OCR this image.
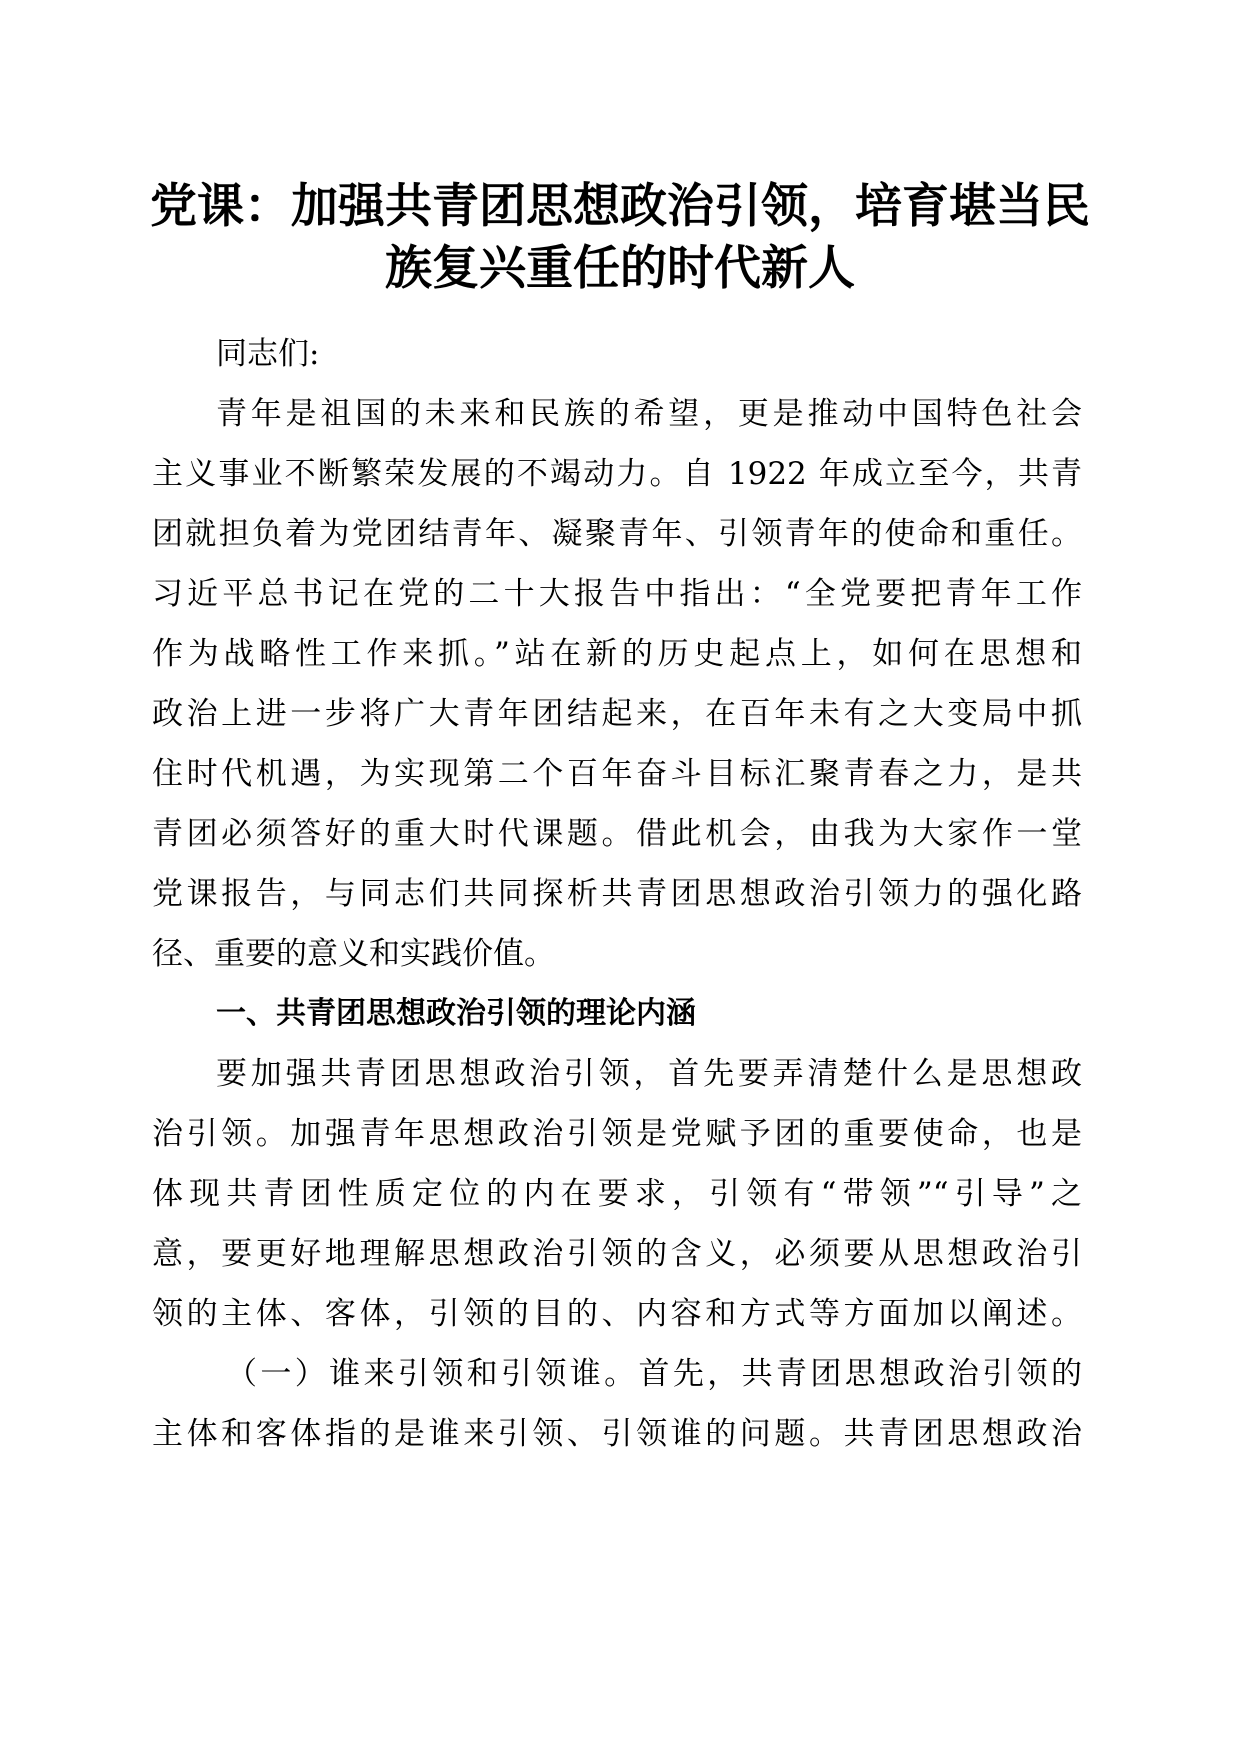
党课：加强共青团思想政治引领，培育堪当民
族复兴重任的时代新人
同志们:
青年是祖国的未来和民族的希望，更是推动中国特色社会
主义事业不断繁荣发展的不竭动力。自 1922 年成立至今，共青
团就担负着为党团结青年、凝聚青年、引领青年的使命和重任。
习近平总书记在党的二十大报告中指出：“全党要把青年工作
作为战略性工作来抓。”站在新的历史起点上，如何在思想和
政治上进一步将广大青年团结起来，在百年未有之大变局中抓
住时代机遇，为实现第二个百年奋斗目标汇聚青春之力，是共
青团必须答好的重大时代课题。借此机会，由我为大家作一堂
党课报告，与同志们共同探析共青团思想政治引领力的强化路
径、重要的意义和实践价值。
一、共青团思想政治引领的理论内涵
要加强共青团思想政治引领，首先要弄清楚什么是思想政
治引领。加强青年思想政治引领是党赋予团的重要使命，也是
体现共青团性质定位的内在要求，引领有“带领”“引导”之
意，要更好地理解思想政治引领的含义，必须要从思想政治引
领的主体、客体，引领的目的、内容和方式等方面加以阐述。
（一）谁来引领和引领谁。首先，共青团思想政治引领的
主体和客体指的是谁来引领、引领谁的问题。共青团思想政治
